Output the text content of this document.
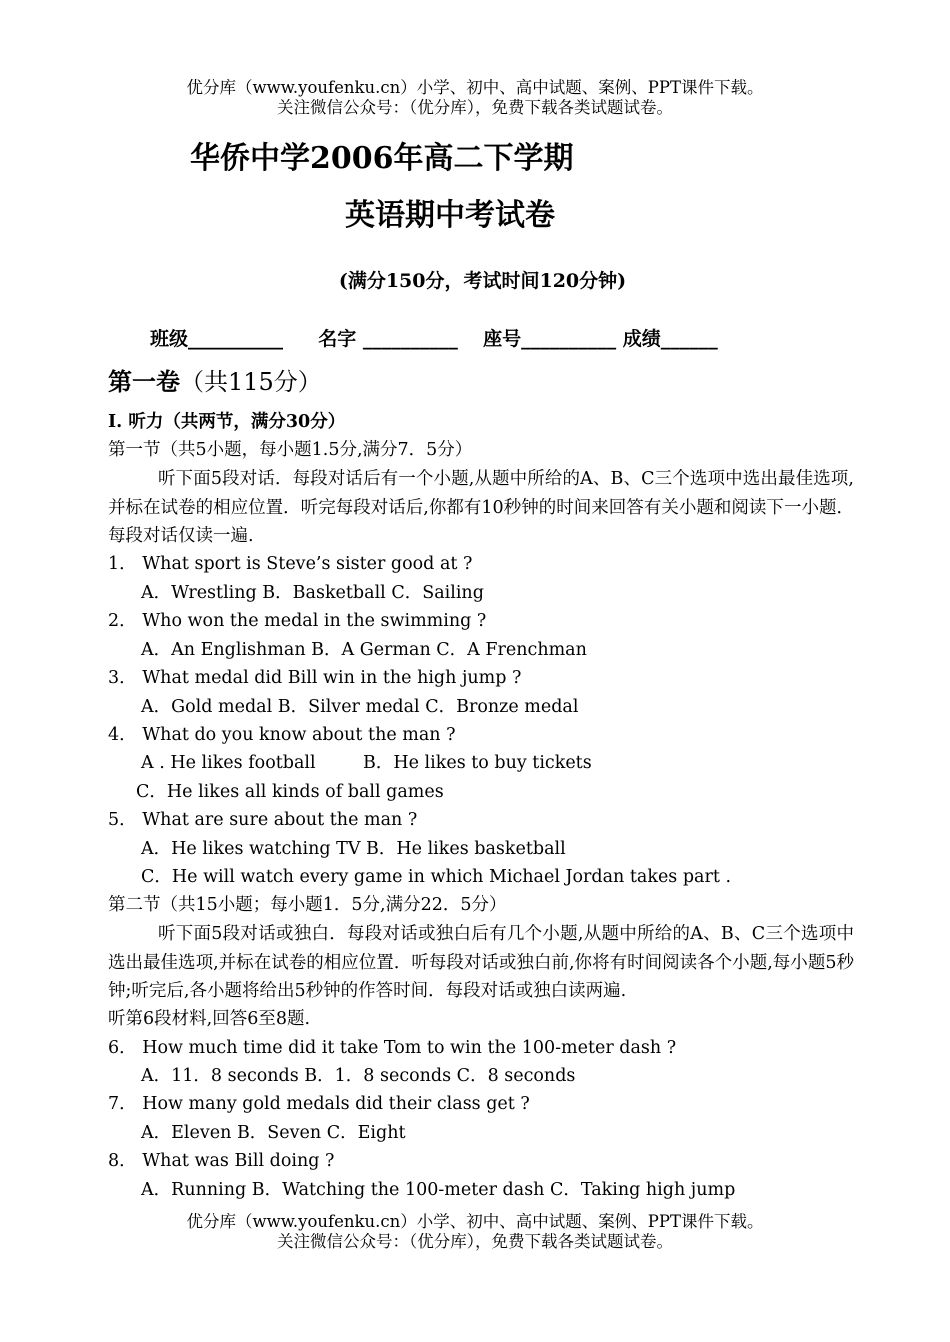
优分库（www.youfenku.cn）小学、初中、高中试题、案例、PPT课件下载。
关注微信公众号：（优分库），免费下载各类试题试卷。
华侨中学2006年高二下学期
英语期中考试卷
(满分150分，考试时间120分钟)
班级__________ 名字 __________ 座号__________ 成绩______
第一卷（共115分）
I. 听力（共两节，满分30分）
第一节（共5小题，每小题1.5分,满分7．5分）
听下面5段对话．每段对话后有一个小题,从题中所给的A、B、C三个选项中选出最佳选项,并标在试卷的相应位置．听完每段对话后,你都有10秒钟的时间来回答有关小题和阅读下一小题．每段对话仅读一遍.
1． What sport is Steve’s sister good at ?
A．Wrestling B．Basketball C．Sailing
2． Who won the medal in the swimming ?
A．An Englishman B．A German C．A Frenchman
3． What medal did Bill win in the high jump ?
A．Gold medal B．Silver medal C．Bronze medal
4． What do you know about the man ?
A . He likes football	B．He likes to buy tickets
C．He likes all kinds of ball games
5． What are sure about the man ?
A．He likes watching TV B．He likes basketball
C．He will watch every game in which Michael Jordan takes part .
第二节（共15小题；每小题1．5分,满分22．5分）
听下面5段对话或独白．每段对话或独白后有几个小题,从题中所给的A、B、C三个选项中选出最佳选项,并标在试卷的相应位置．听每段对话或独白前,你将有时间阅读各个小题,每小题5秒钟;听完后,各小题将给出5秒钟的作答时间．每段对话或独白读两遍.
听第6段材料,回答6至8题.
6． How much time did it take Tom to win the 100-meter dash ?
A．11．8 seconds B．1．8 seconds C．8 seconds
7． How many gold medals did their class get ?
A．Eleven B．Seven C．Eight
8． What was Bill doing ?
A．Running B．Watching the 100-meter dash C．Taking high jump
优分库（www.youfenku.cn）小学、初中、高中试题、案例、PPT课件下载。
关注微信公众号：（优分库），免费下载各类试题试卷。
